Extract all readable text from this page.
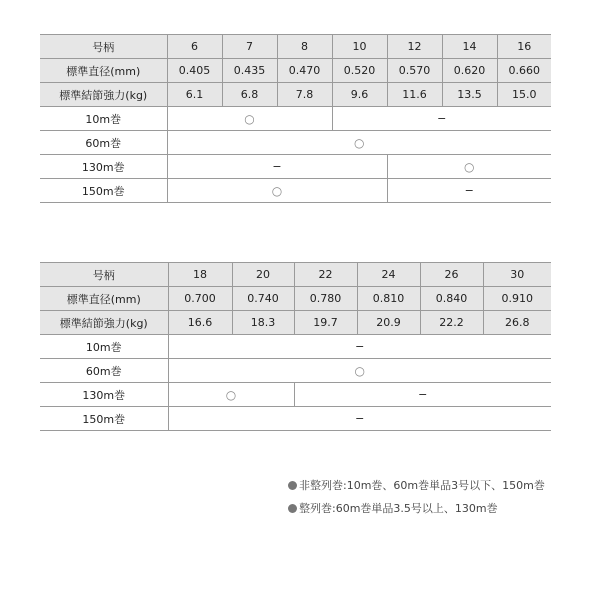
号柄	6	7	8	10	12	14	16
標準直径(mm)	0.405	0.435	0.470	0.520	0.570	0.620	0.660
標準結節強力(kg)	6.1	6.8	7.8	9.6	11.6	13.5	15.0
10m巻	○			−			
60m巻	○						
130m巻	−				○		
150m巻	○				−		
号柄	18	20	22	24	26	30
標準直径(mm)	0.700	0.740	0.780	0.810	0.840	0.910
標準結節強力(kg)	16.6	18.3	19.7	20.9	22.2	26.8
10m巻	−					
60m巻	○					
130m巻	○		−			
150m巻	−					
非整列巻:10m巻、60m巻単品3号以下、150m巻
整列巻:60m巻単品3.5号以上、130m巻
